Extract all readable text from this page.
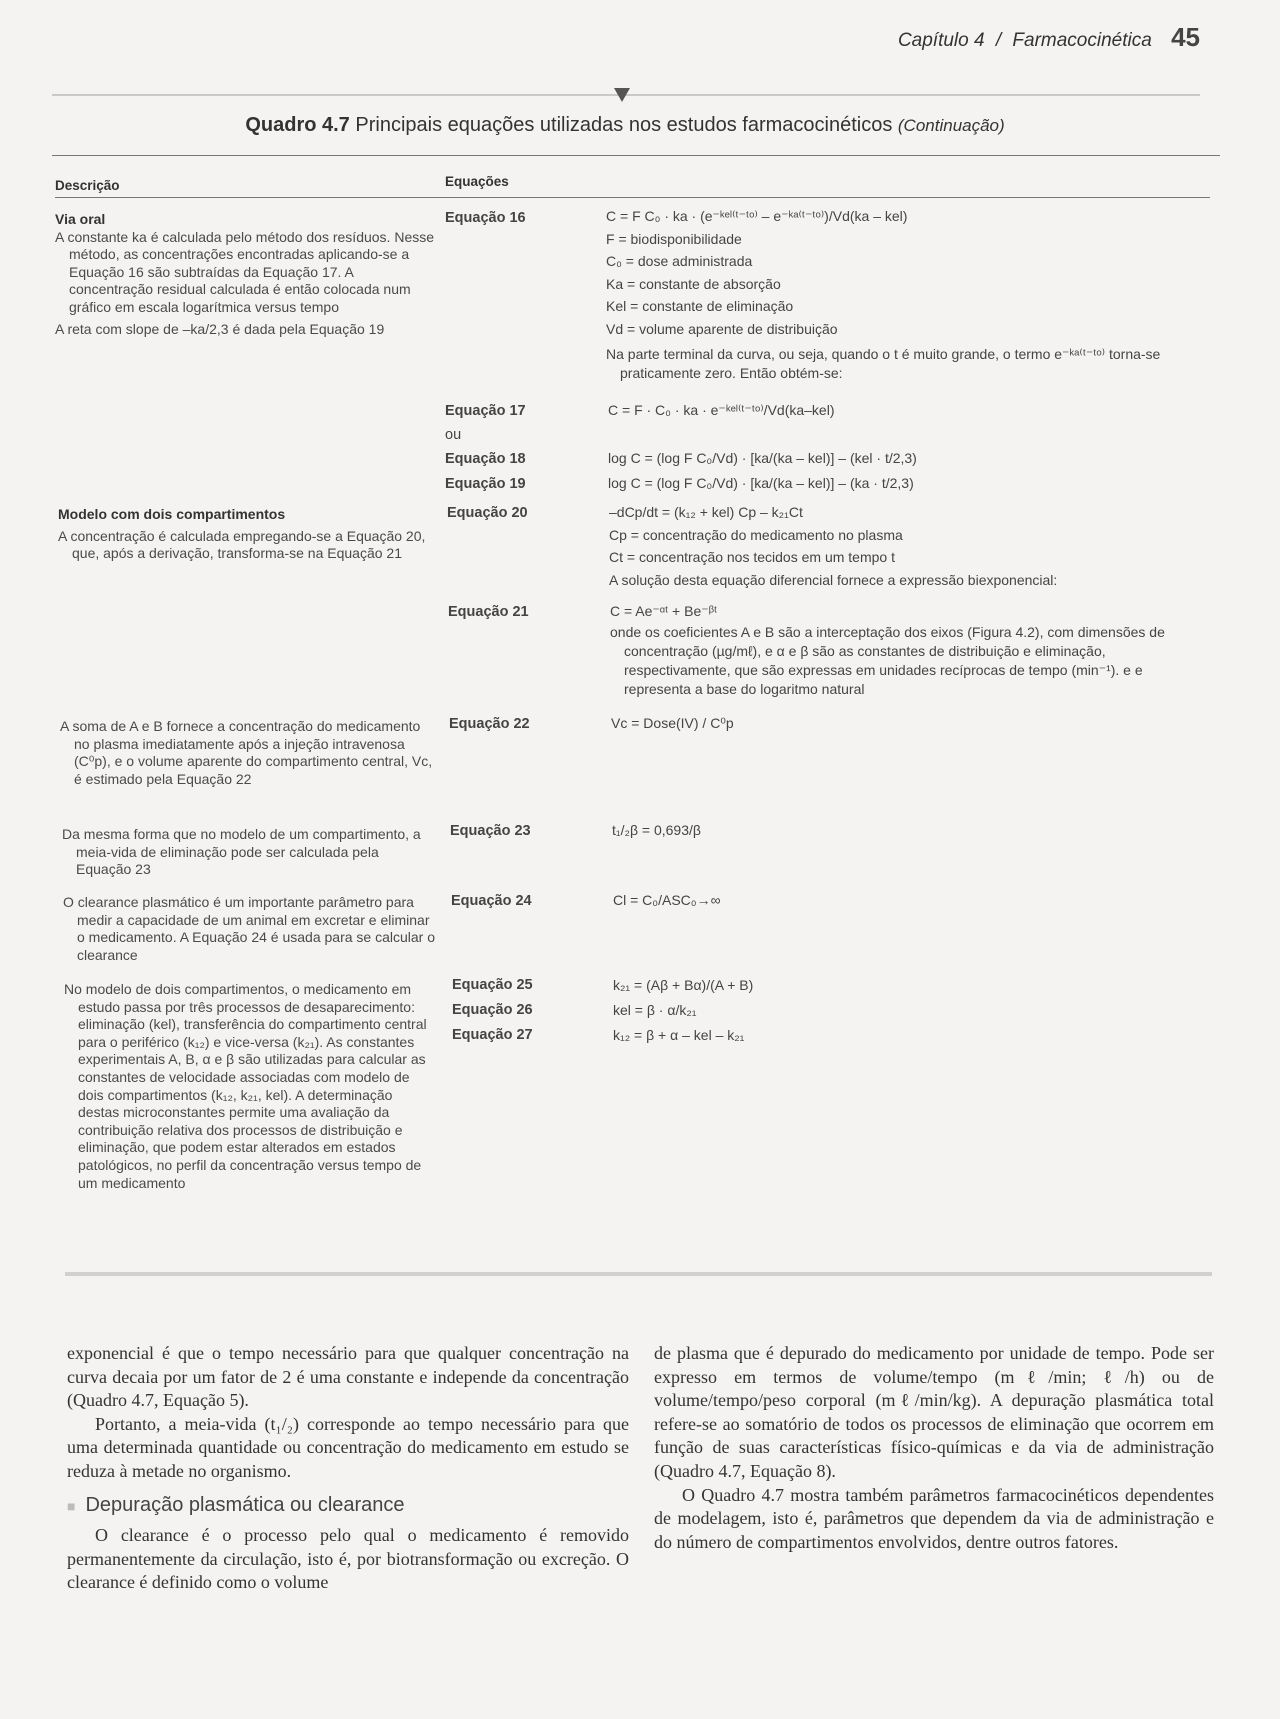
Capítulo 4 / Farmacocinética 45
Quadro 4.7 Principais equações utilizadas nos estudos farmacocinéticos (Continuação)
Descrição	Equações
Via oral
A constante ka é calculada pelo método dos resíduos. Nesse método, as concentrações encontradas aplicando-se a Equação 16 são subtraídas da Equação 17. A concentração residual calculada é então colocada num gráfico em escala logarítmica versus tempo
A reta com slope de –ka/2,3 é dada pela Equação 19
Modelo com dois compartimentos
A concentração é calculada empregando-se a Equação 20, que, após a derivação, transforma-se na Equação 21
A soma de A e B fornece a concentração do medicamento no plasma imediatamente após a injeção intravenosa (C⁰p), e o volume aparente do compartimento central, Vc, é estimado pela Equação 22
Da mesma forma que no modelo de um compartimento, a meia-vida de eliminação pode ser calculada pela Equação 23
O clearance plasmático é um importante parâmetro para medir a capacidade de um animal em excretar e eliminar o medicamento. A Equação 24 é usada para se calcular o clearance
No modelo de dois compartimentos, o medicamento em estudo passa por três processos de desaparecimento: eliminação (kel), transferência do compartimento central para o periférico (k₁₂) e vice-versa (k₂₁). As constantes experimentais A, B, α e β são utilizadas para calcular as constantes de velocidade associadas com modelo de dois compartimentos (k₁₂, k₂₁, kel). A determinação destas microconstantes permite uma avaliação da contribuição relativa dos processos de distribuição e eliminação, que podem estar alterados em estados patológicos, no perfil da concentração versus tempo de um medicamento
Equação 16
Equação 17
ou
Equação 18
Equação 19
Equação 20
Equação 21
Equação 22
Equação 23
Equação 24
Equação 25
Equação 26
Equação 27
C = F C₀ · ka · (e⁻ᵏᵉˡ⁽ᵗ⁻ᵗᵒ⁾ – e⁻ᵏᵃ⁽ᵗ⁻ᵗᵒ⁾)/Vd(ka – kel)
F = biodisponibilidade
C₀ = dose administrada
Ka = constante de absorção
Kel = constante de eliminação
Vd = volume aparente de distribuição
Na parte terminal da curva, ou seja, quando o t é muito grande, o termo e⁻ᵏᵃ⁽ᵗ⁻ᵗᵒ⁾ torna-se praticamente zero. Então obtém-se:
C = F · C₀ · ka · e⁻ᵏᵉˡ⁽ᵗ⁻ᵗᵒ⁾/Vd(ka–kel)
log C = (log F C₀/Vd) · [ka/(ka – kel)] – (kel · t/2,3)
log C = (log F C₀/Vd) · [ka/(ka – kel)] – (ka · t/2,3)
–dCp/dt = (k₁₂ + kel) Cp – k₂₁Ct
Cp = concentração do medicamento no plasma
Ct = concentração nos tecidos em um tempo t
A solução desta equação diferencial fornece a expressão biexponencial:
C = Ae⁻ᵅᵗ + Be⁻ᵝᵗ
onde os coeficientes A e B são a interceptação dos eixos (Figura 4.2), com dimensões de concentração (µg/mℓ), e α e β são as constantes de distribuição e eliminação, respectivamente, que são expressas em unidades recíprocas de tempo (min⁻¹). e e representa a base do logaritmo natural
Vc = Dose(IV) / C⁰p
t₁/₂β = 0,693/β
Cl = C₀/ASC₀→∞
k₂₁ = (Aβ + Bα)/(A + B)
kel = β · α/k₂₁
k₁₂ = β + α – kel – k₂₁

exponencial é que o tempo necessário para que qualquer concentração na curva decaia por um fator de 2 é uma constante e independe da concentração (Quadro 4.7, Equação 5).

Portanto, a meia-vida (t₁/₂) corresponde ao tempo necessário para que uma determinada quantidade ou concentração do medicamento em estudo se reduza à metade no organismo.

■ Depuração plasmática ou clearance

O clearance é o processo pelo qual o medicamento é removido permanentemente da circulação, isto é, por biotransformação ou excreção. O clearance é definido como o volume

de plasma que é depurado do medicamento por unidade de tempo. Pode ser expresso em termos de volume/tempo (mℓ/min; ℓ/h) ou de volume/tempo/peso corporal (mℓ/min/kg). A depuração plasmática total refere-se ao somatório de todos os processos de eliminação que ocorrem em função de suas características físico-químicas e da via de administração (Quadro 4.7, Equação 8).

O Quadro 4.7 mostra também parâmetros farmacocinéticos dependentes de modelagem, isto é, parâmetros que dependem da via de administração e do número de compartimentos envolvidos, dentre outros fatores.
